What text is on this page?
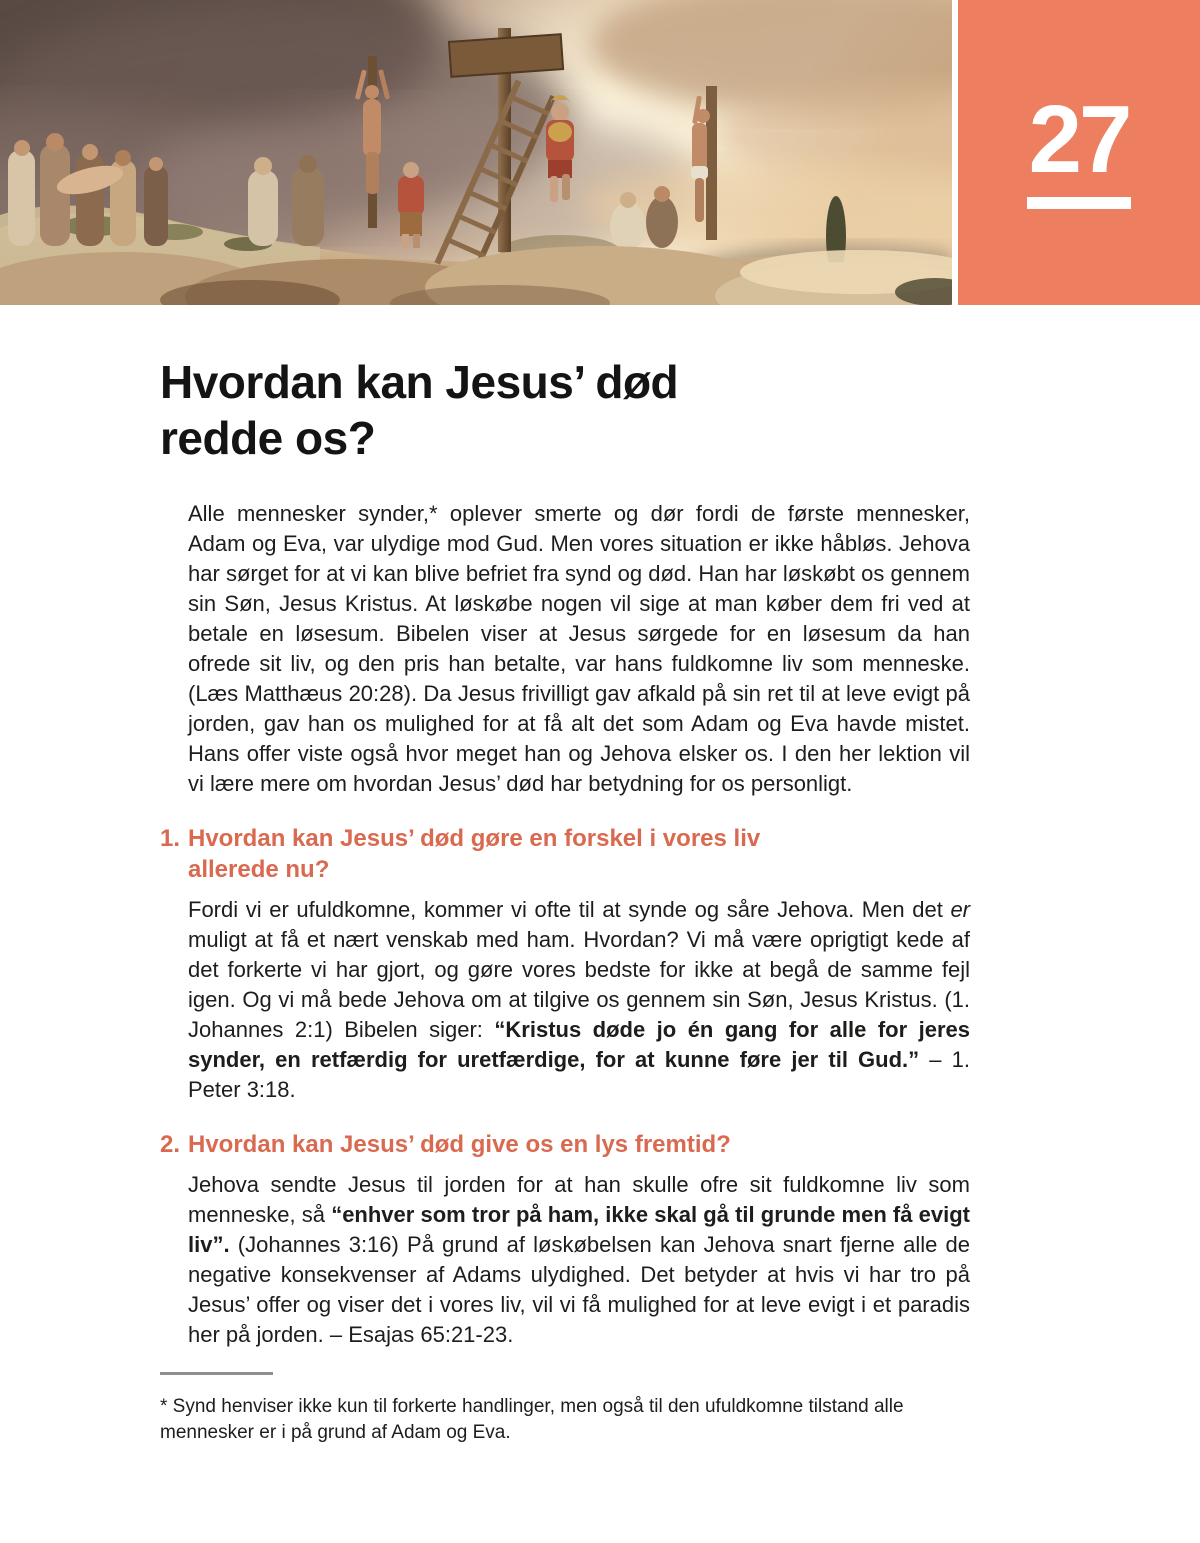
27
Hvordan kan Jesus’ død
redde os?

Alle mennesker synder,* oplever smerte og dør fordi de første mennesker, Adam og Eva, var ulydige mod Gud. Men vores situation er ikke håbløs. Jehova har sørget for at vi kan blive befriet fra synd og død. Han har løskøbt os gennem sin Søn, Jesus Kristus. At løskøbe nogen vil sige at man køber dem fri ved at betale en løsesum. Bibelen viser at Jesus sørgede for en løsesum da han ofrede sit liv, og den pris han betalte, var hans fuldkomne liv som menneske. (Læs Matthæus 20:28). Da Jesus frivilligt gav afkald på sin ret til at leve evigt på jorden, gav han os mulighed for at få alt det som Adam og Eva havde mistet. Hans offer viste også hvor meget han og Jehova elsker os. I den her lektion vil vi lære mere om hvordan Jesus’ død har betydning for os personligt.

1. Hvordan kan Jesus’ død gøre en forskel i vores liv allerede nu?

Fordi vi er ufuldkomne, kommer vi ofte til at synde og såre Jehova. Men det er muligt at få et nært venskab med ham. Hvordan? Vi må være oprigtigt kede af det forkerte vi har gjort, og gøre vores bedste for ikke at begå de samme fejl igen. Og vi må bede Jehova om at tilgive os gennem sin Søn, Jesus Kristus. (1. Johannes 2:1) Bibelen siger: “Kristus døde jo én gang for alle for jeres synder, en retfærdig for uretfærdige, for at kunne føre jer til Gud.” – 1. Peter 3:18.

2. Hvordan kan Jesus’ død give os en lys fremtid?

Jehova sendte Jesus til jorden for at han skulle ofre sit fuldkomne liv som menneske, så “enhver som tror på ham, ikke skal gå til grunde men få evigt liv”. (Johannes 3:16) På grund af løskøbelsen kan Jehova snart fjerne alle de negative konsekvenser af Adams ulydighed. Det betyder at hvis vi har tro på Jesus’ offer og viser det i vores liv, vil vi få mulighed for at leve evigt i et paradis her på jorden. – Esajas 65:21-23.

* Synd henviser ikke kun til forkerte handlinger, men også til den ufuldkomne tilstand alle mennesker er i på grund af Adam og Eva.
